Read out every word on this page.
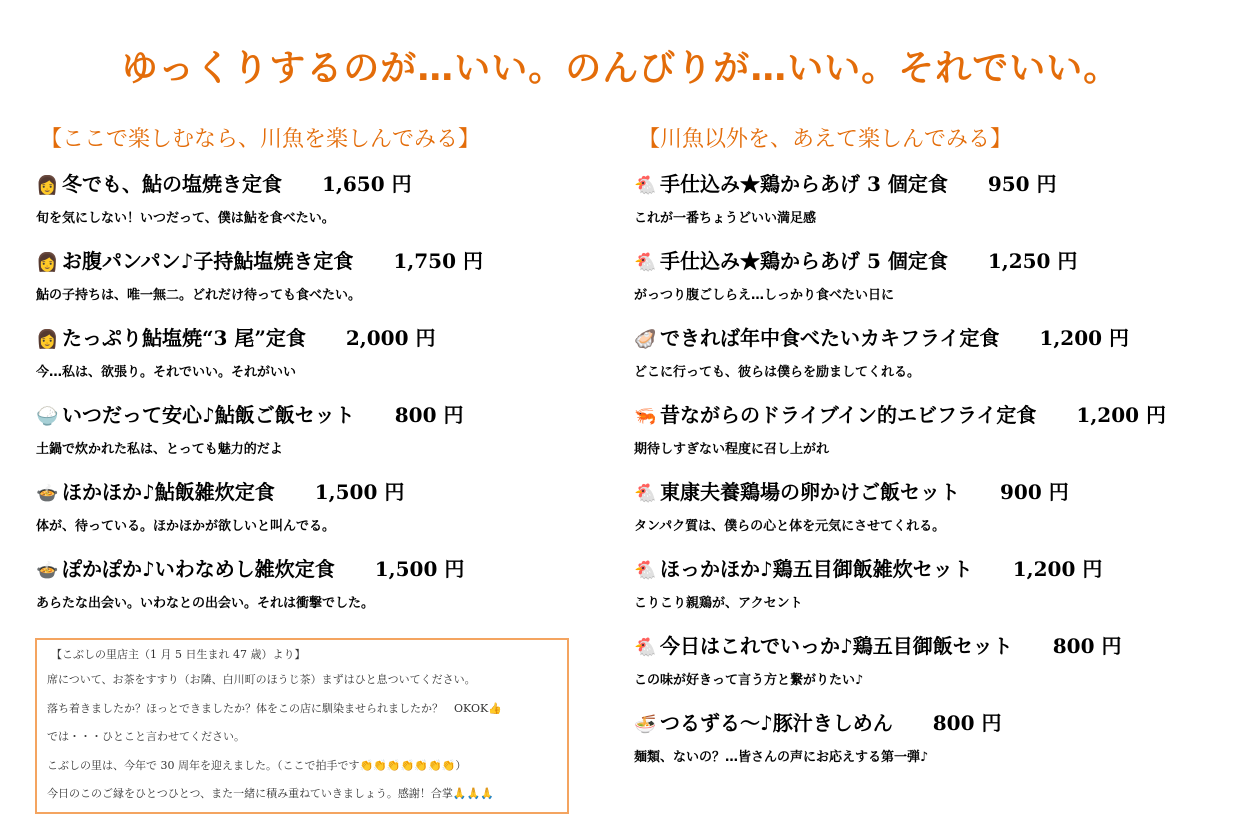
ゆっくりするのが…いい。のんびりが…いい。それでいい。
【ここで楽しむなら、川魚を楽しんでみる】
👩 冬でも、鮎の塩焼き定食 1,650 円
旬を気にしない！いつだって、僕は鮎を食べたい。
👩 お腹パンパン♪子持鮎塩焼き定食 1,750 円
鮎の子持ちは、唯一無二。どれだけ待っても食べたい。
👩 たっぷり鮎塩焼“3 尾”定食 2,000 円
今…私は、欲張り。それでいい。それがいい
🍚 いつだって安心♪鮎飯ご飯セット 800 円
土鍋で炊かれた私は、とっても魅力的だよ
🍲 ほかほか♪鮎飯雑炊定食 1,500 円
体が、待っている。ほかほかが欲しいと叫んでる。
🍲 ぽかぽか♪いわなめし雑炊定食 1,500 円
あらたな出会い。いわなとの出会い。それは衝撃でした。
【川魚以外を、あえて楽しんでみる】
🐔 手仕込み★鶏からあげ 3 個定食 950 円
これが一番ちょうどいい満足感
🐔 手仕込み★鶏からあげ 5 個定食 1,250 円
がっつり腹ごしらえ…しっかり食べたい日に
🦪 できれば年中食べたいカキフライ定食 1,200 円
どこに行っても、彼らは僕らを励ましてくれる。
🦐 昔ながらのドライブイン的エビフライ定食 1,200 円
期待しすぎない程度に召し上がれ
🐔 東康夫養鶏場の卵かけご飯セット 900 円
タンパク質は、僕らの心と体を元気にさせてくれる。
🐔 ほっかほか♪鶏五目御飯雑炊セット 1,200 円
こりこり親鶏が、アクセント
🐔 今日はこれでいっか♪鶏五目御飯セット 800 円
この味が好きって言う方と繋がりたい♪
🍜 つるずる～♪豚汁きしめん 800 円
麺類、ないの？…皆さんの声にお応えする第一弾♪
【こぶしの里店主（1 月 5 日生まれ 47 歳）より】
席について、お茶をすすり（お隣、白川町のほうじ茶）まずはひと息ついてください。
落ち着きましたか？ほっとできましたか？体をこの店に馴染ませられましたか？　OKOK👍
では・・・ひとこと言わせてください。
こぶしの里は、今年で 30 周年を迎えました。（ここで拍手です👏👏👏👏👏👏👏）
今日のこのご縁をひとつひとつ、また一緒に積み重ねていきましょう。感謝！合掌🙏🙏🙏
